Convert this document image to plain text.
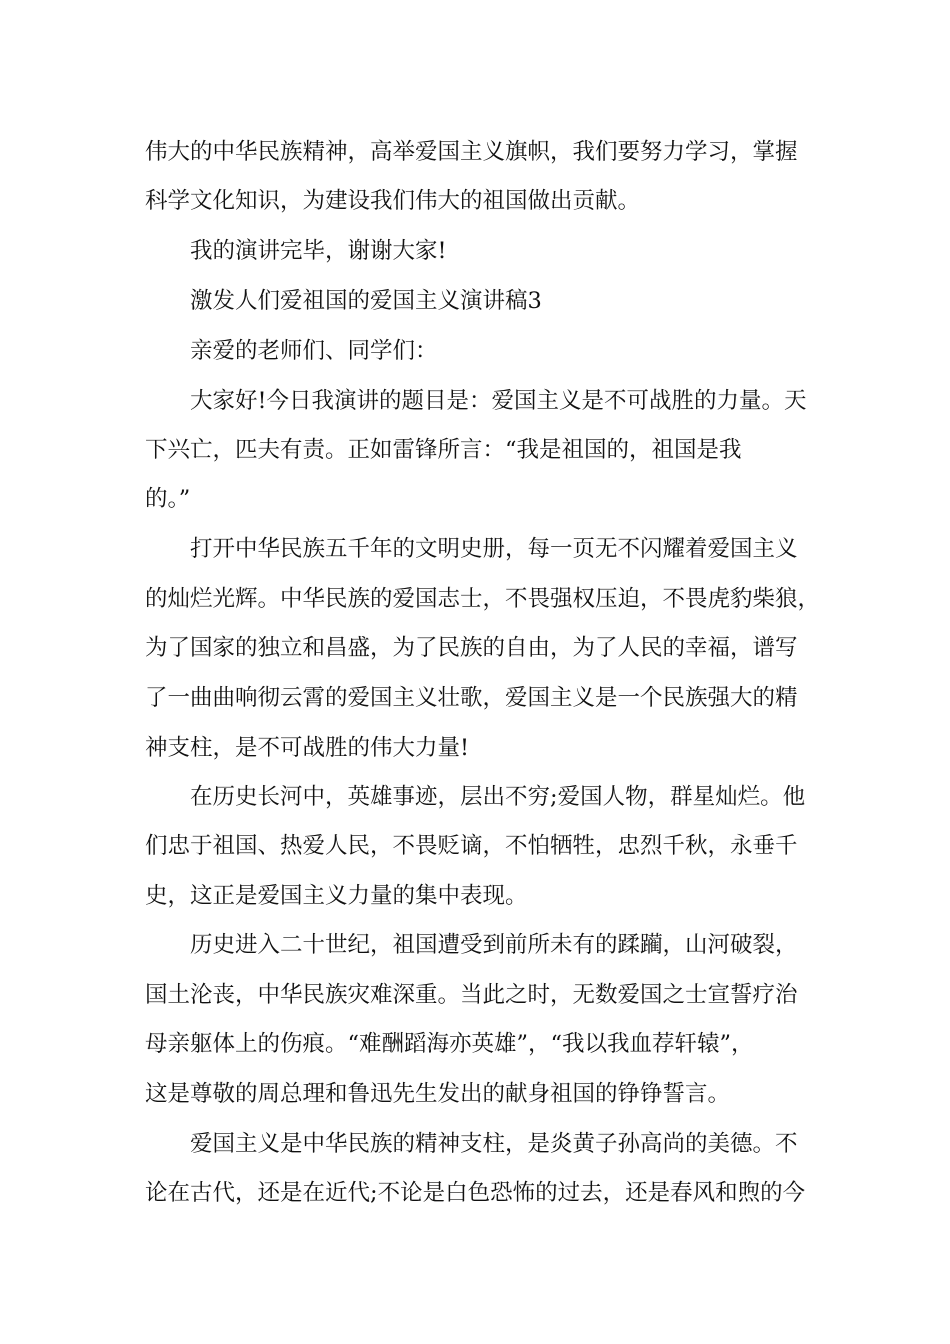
伟大的中华民族精神，高举爱国主义旗帜，我们要努力学习，掌握

科学文化知识，为建设我们伟大的祖国做出贡献。

我的演讲完毕，谢谢大家!

激发人们爱祖国的爱国主义演讲稿3

亲爱的老师们、同学们：

大家好!今日我演讲的题目是：爱国主义是不可战胜的力量。天

下兴亡，匹夫有责。正如雷锋所言：“我是祖国的，祖国是我

的。”

打开中华民族五千年的文明史册，每一页无不闪耀着爱国主义

的灿烂光辉。中华民族的爱国志士，不畏强权压迫，不畏虎豹柴狼，

为了国家的独立和昌盛，为了民族的自由，为了人民的幸福，谱写

了一曲曲响彻云霄的爱国主义壮歌，爱国主义是一个民族强大的精

神支柱，是不可战胜的伟大力量!

在历史长河中，英雄事迹，层出不穷;爱国人物，群星灿烂。他

们忠于祖国、热爱人民，不畏贬谪，不怕牺牲，忠烈千秋，永垂千

史，这正是爱国主义力量的集中表现。

历史进入二十世纪，祖国遭受到前所未有的蹂躏，山河破裂，

国土沦丧，中华民族灾难深重。当此之时，无数爱国之士宣誓疗治

母亲躯体上的伤痕。“难酬蹈海亦英雄”，“我以我血荐轩辕”，

这是尊敬的周总理和鲁迅先生发出的献身祖国的铮铮誓言。

爱国主义是中华民族的精神支柱，是炎黄子孙高尚的美德。不

论在古代，还是在近代;不论是白色恐怖的过去，还是春风和煦的今
